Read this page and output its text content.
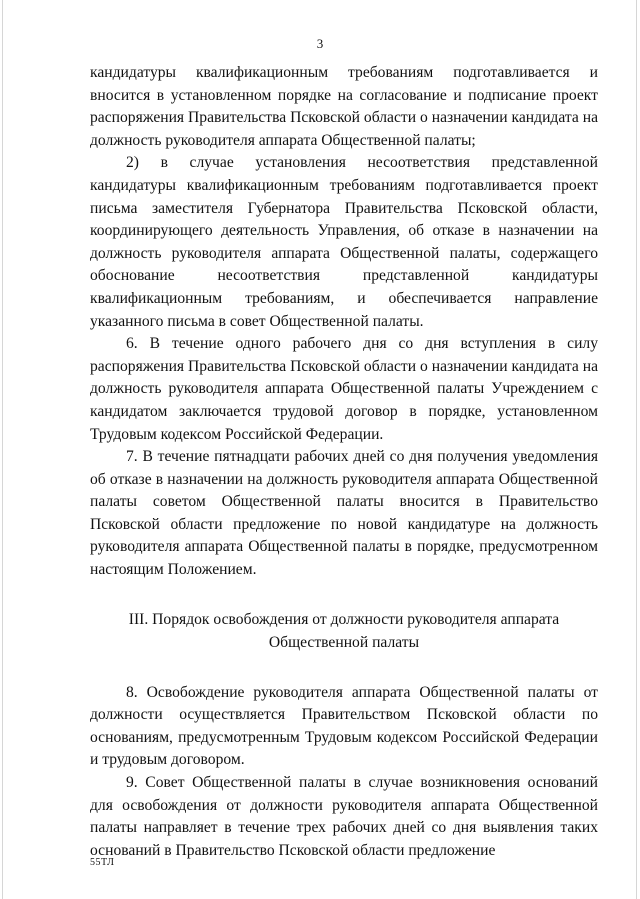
3

кандидатуры квалификационным требованиям подготавливается и вносится в установленном порядке на согласование и подписание проект распоряжения Правительства Псковской области о назначении кандидата на должность руководителя аппарата Общественной палаты;

2) в случае установления несоответствия представленной кандидатуры квалификационным требованиям подготавливается проект письма заместителя Губернатора Правительства Псковской области, координирующего деятельность Управления, об отказе в назначении на должность руководителя аппарата Общественной палаты, содержащего обоснование несоответствия представленной кандидатуры квалификационным требованиям, и обеспечивается направление указанного письма в совет Общественной палаты.

6. В течение одного рабочего дня со дня вступления в силу распоряжения Правительства Псковской области о назначении кандидата на должность руководителя аппарата Общественной палаты Учреждением с кандидатом заключается трудовой договор в порядке, установленном Трудовым кодексом Российской Федерации.

7. В течение пятнадцати рабочих дней со дня получения уведомления об отказе в назначении на должность руководителя аппарата Общественной палаты советом Общественной палаты вносится в Правительство Псковской области предложение по новой кандидатуре на должность руководителя аппарата Общественной палаты в порядке, предусмотренном настоящим Положением.

III. Порядок освобождения от должности руководителя аппарата
Общественной палаты

8. Освобождение руководителя аппарата Общественной палаты от должности осуществляется Правительством Псковской области по основаниям, предусмотренным Трудовым кодексом Российской Федерации и трудовым договором.

9. Совет Общественной палаты в случае возникновения оснований для освобождения от должности руководителя аппарата Общественной палаты направляет в течение трех рабочих дней со дня выявления таких оснований в Правительство Псковской области предложение

55ТЛ
